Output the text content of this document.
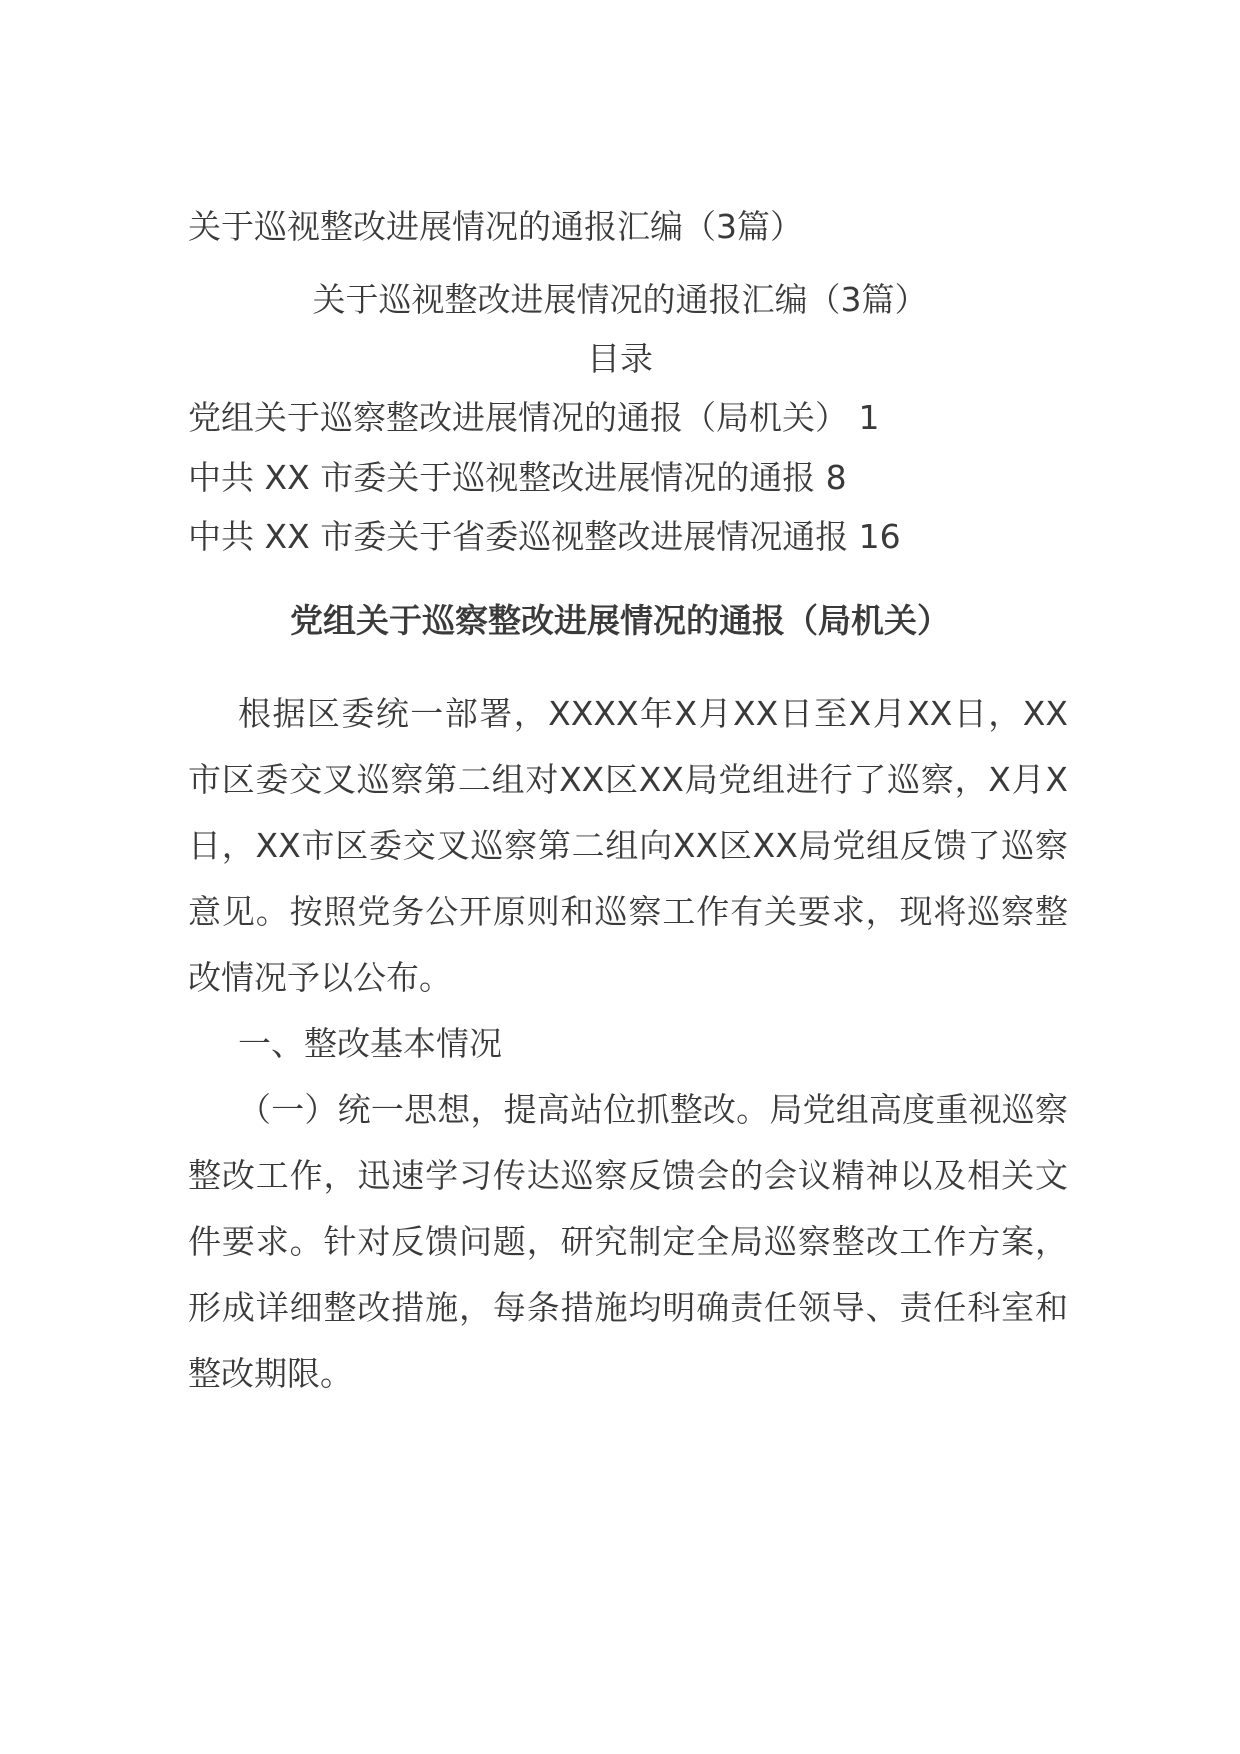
关于巡视整改进展情况的通报汇编（3篇）
关于巡视整改进展情况的通报汇编（3篇）
目录
党组关于巡察整改进展情况的通报（局机关） 1
中共 XX 市委关于巡视整改进展情况的通报 8
中共 XX 市委关于省委巡视整改进展情况通报 16
党组关于巡察整改进展情况的通报（局机关）

根据区委统一部署，XXXX年X月XX日至X月XX日，XX市区委交叉巡察第二组对XX区XX局党组进行了巡察，X月X日，XX市区委交叉巡察第二组向XX区XX局党组反馈了巡察意见。按照党务公开原则和巡察工作有关要求，现将巡察整改情况予以公布。

一、整改基本情况

（一）统一思想，提高站位抓整改。局党组高度重视巡察整改工作，迅速学习传达巡察反馈会的会议精神以及相关文件要求。针对反馈问题，研究制定全局巡察整改工作方案，形成详细整改措施，每条措施均明确责任领导、责任科室和整改期限。
